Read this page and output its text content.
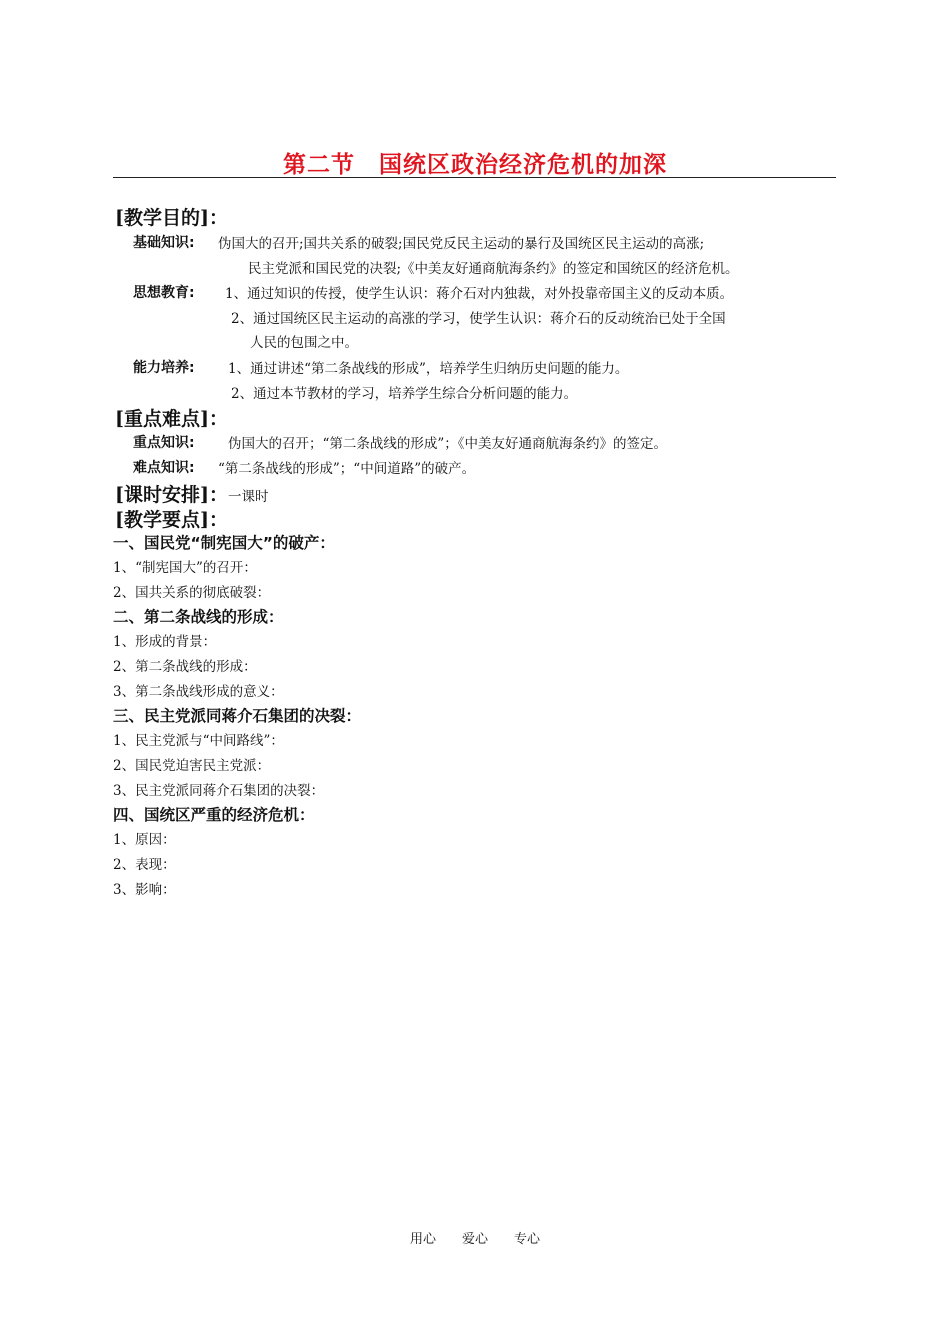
第二节　国统区政治经济危机的加深
[教学目的]：
基础知识: 伪国大的召开;国共关系的破裂;国民党反民主运动的暴行及国统区民主运动的高涨;
民主党派和国民党的决裂;《中美友好通商航海条约》的签定和国统区的经济危机。
思想教育: 1、通过知识的传授，使学生认识：蒋介石对内独裁，对外投靠帝国主义的反动本质。
2、通过国统区民主运动的高涨的学习，使学生认识：蒋介石的反动统治已处于全国
人民的包围之中。
能力培养: 1、通过讲述“第二条战线的形成”，培养学生归纳历史问题的能力。
2、通过本节教材的学习，培养学生综合分析问题的能力。
[重点难点]：
重点知识: 伪国大的召开；“第二条战线的形成”；《中美友好通商航海条约》的签定。
难点知识: “第二条战线的形成”；“中间道路”的破产。
[课时安排]：一课时
[教学要点]：
一、国民党“制宪国大”的破产：
1、“制宪国大”的召开：
2、国共关系的彻底破裂：
二、第二条战线的形成：
1、形成的背景：
2、第二条战线的形成：
3、第二条战线形成的意义：
三、民主党派同蒋介石集团的决裂：
1、民主党派与“中间路线”：
2、国民党迫害民主党派：
3、民主党派同蒋介石集团的决裂：
四、国统区严重的经济危机：
1、原因：
2、表现：
3、影响：
用心　　爱心　　专心
